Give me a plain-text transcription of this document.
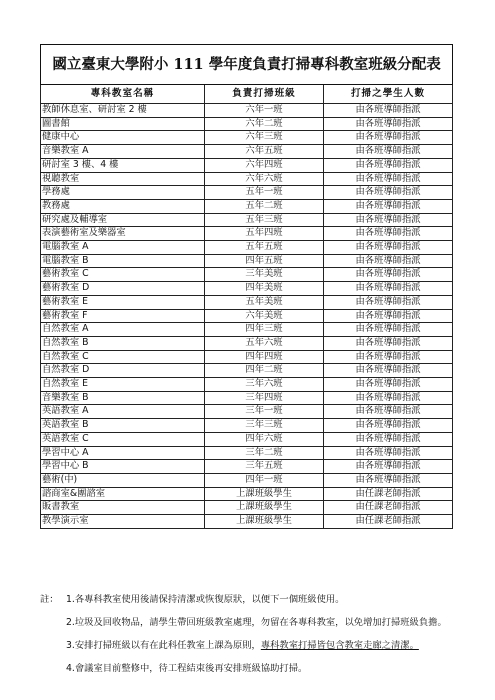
國立臺東大學附小 111 學年度負責打掃專科教室班級分配表		
專科教室名稱	負責打掃班級	打掃之學生人數
教師休息室、研討室 2 樓	六年一班	由各班導師指派
圖書館	六年二班	由各班導師指派
健康中心	六年三班	由各班導師指派
音樂教室 A	六年五班	由各班導師指派
研討室 3 樓、4 樓	六年四班	由各班導師指派
視聽教室	六年六班	由各班導師指派
學務處	五年一班	由各班導師指派
教務處	五年二班	由各班導師指派
研究處及輔導室	五年三班	由各班導師指派
表演藝術室及樂器室	五年四班	由各班導師指派
電腦教室 A	五年五班	由各班導師指派
電腦教室 B	四年五班	由各班導師指派
藝術教室 C	三年美班	由各班導師指派
藝術教室 D	四年美班	由各班導師指派
藝術教室 E	五年美班	由各班導師指派
藝術教室 F	六年美班	由各班導師指派
自然教室 A	四年三班	由各班導師指派
自然教室 B	五年六班	由各班導師指派
自然教室 C	四年四班	由各班導師指派
自然教室 D	四年二班	由各班導師指派
自然教室 E	三年六班	由各班導師指派
音樂教室 B	三年四班	由各班導師指派
英語教室 A	三年一班	由各班導師指派
英語教室 B	三年三班	由各班導師指派
英語教室 C	四年六班	由各班導師指派
學習中心 A	三年二班	由各班導師指派
學習中心 B	三年五班	由各班導師指派
藝術(中)	四年一班	由各班導師指派
諮商室&團諮室	上課班級學生	由任課老師指派
販書教室	上課班級學生	由任課老師指派
教學演示室	上課班級學生	由任課老師指派
註： 1.各專科教室使用後請保持清潔或恢復原狀，以便下一個班級使用。
2.垃圾及回收物品，請學生帶回班級教室處理，勿留在各專科教室，以免增加打掃班級負擔。
3.安排打掃班級以有在此科任教室上課為原則，專科教室打掃皆包含教室走廊之清潔。
4.會議室目前整修中，待工程結束後再安排班級協助打掃。
